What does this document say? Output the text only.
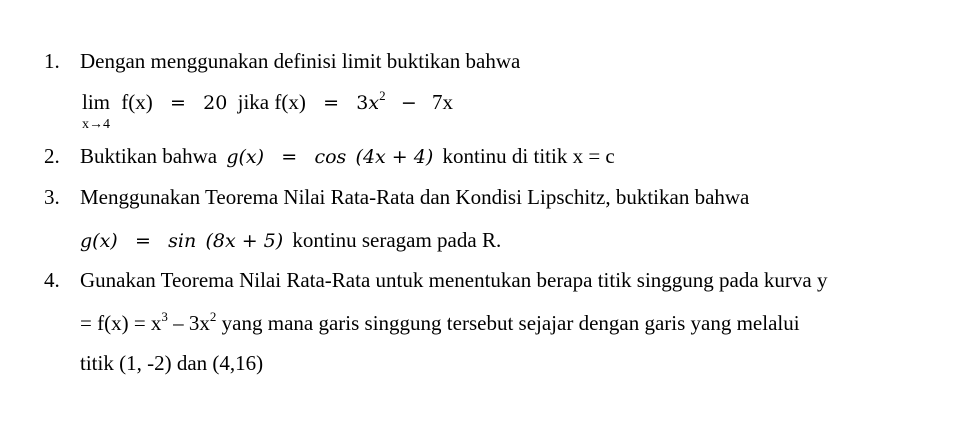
1. Dengan menggunakan definisi limit buktikan bahwa
lim
x→4
f(x) = 20 jika $f(x) = 3x^2 - 7x$
2. Buktikan bahwa g(x) = cos (4x + 4) kontinu di titik x = c
3. Menggunakan Teorema Nilai Rata-Rata dan Kondisi Lipschitz, buktikan bahwa
g(x) = sin (8x + 5) kontinu seragam pada R.
4. Gunakan Teorema Nilai Rata-Rata untuk menentukan berapa titik singgung pada kurva y
= $f(x) = x^3 - 3x^2$ yang mana garis singgung tersebut sejajar dengan garis yang melalui
titik (1, -2) dan (4,16)
